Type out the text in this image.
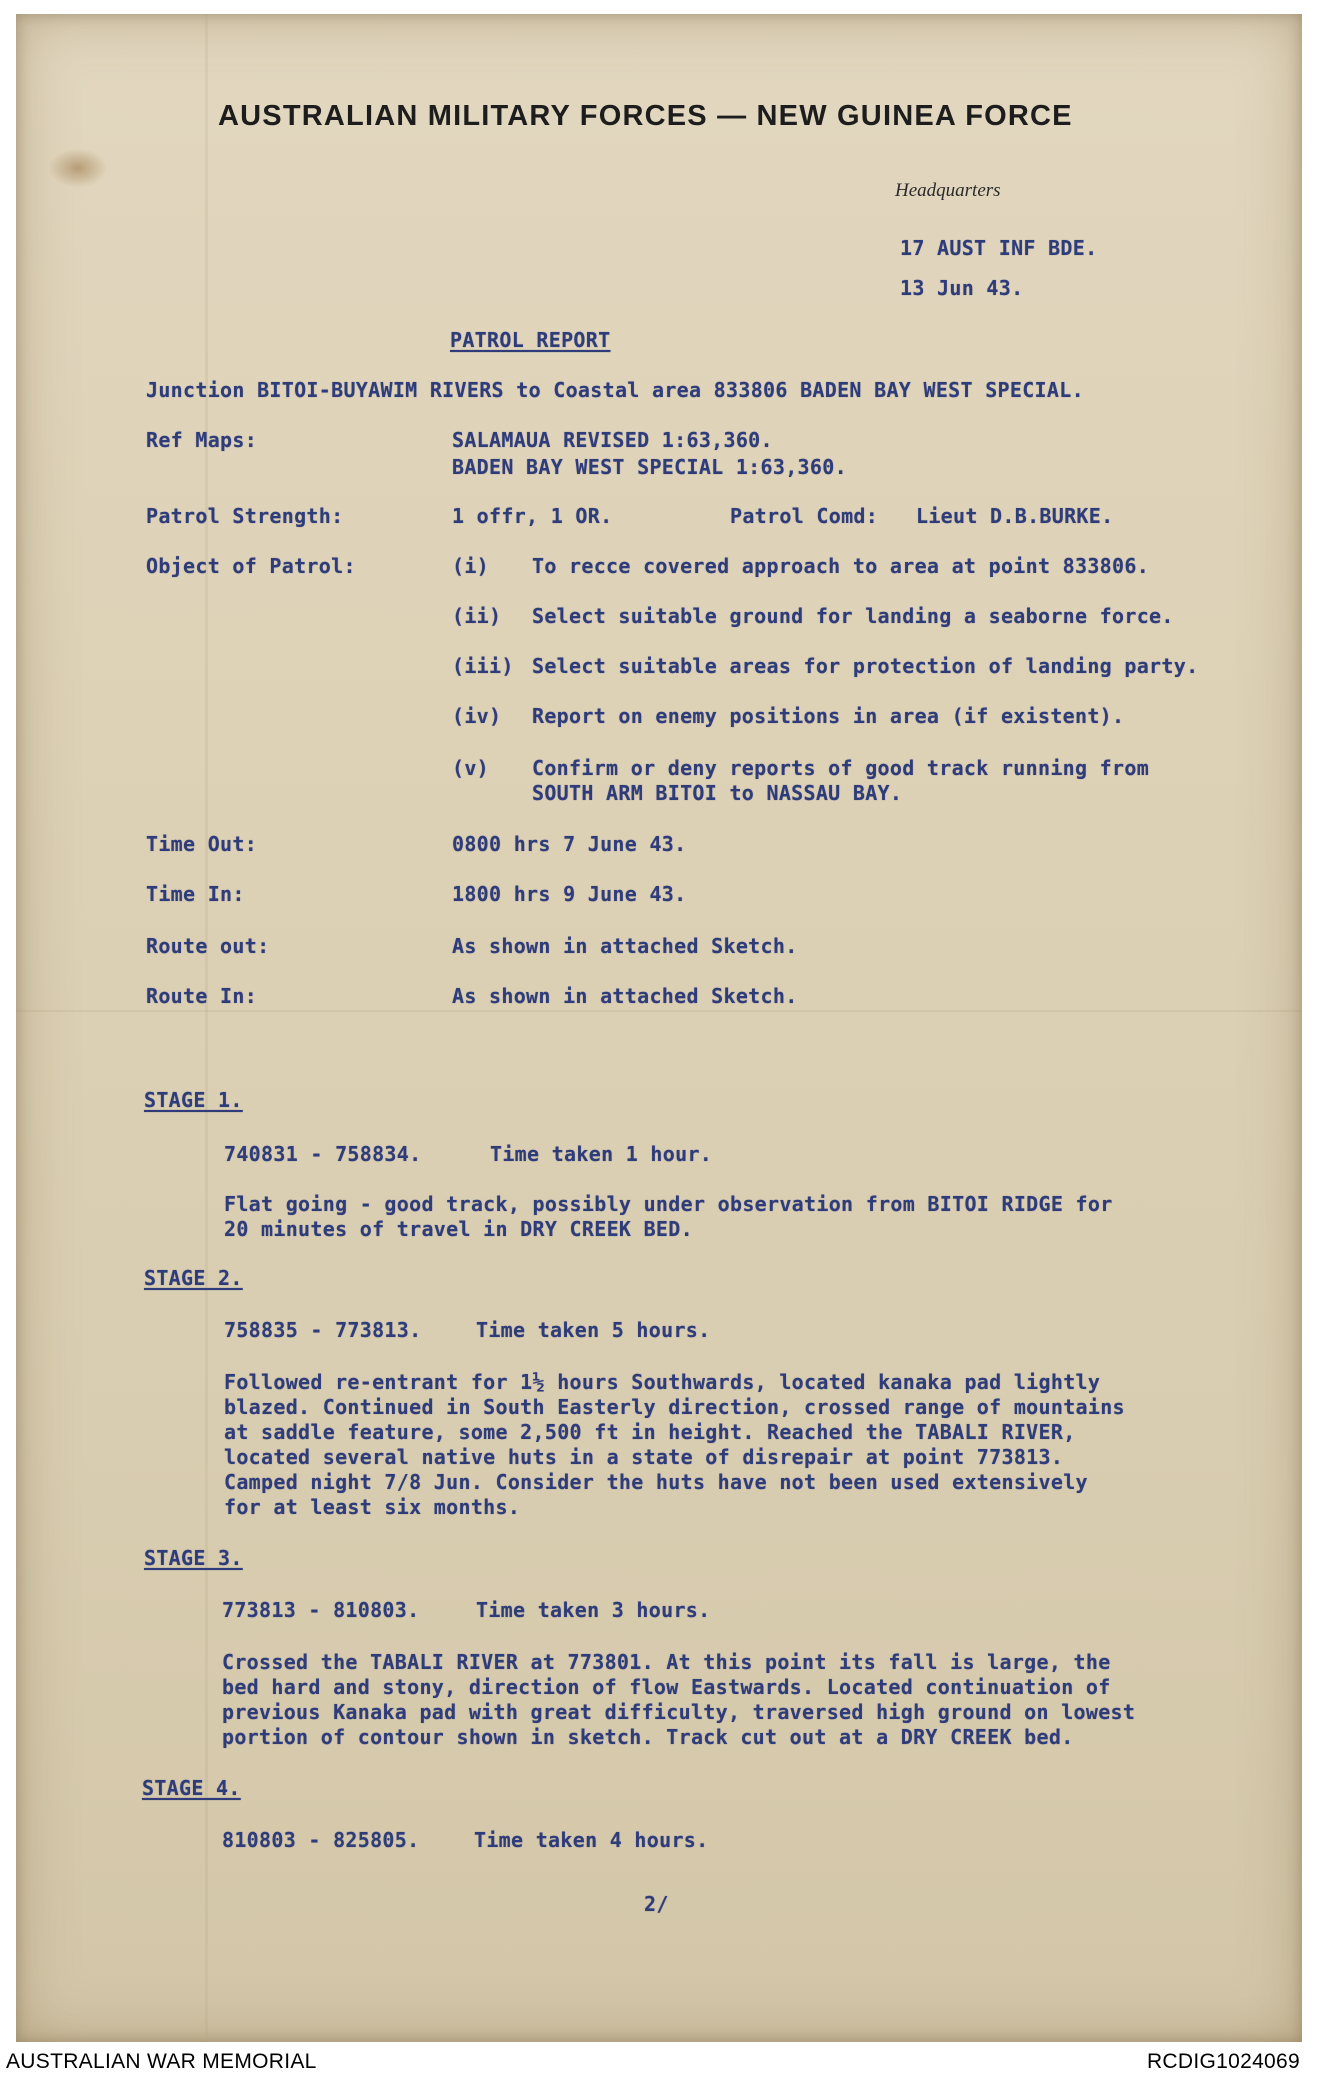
AUSTRALIAN MILITARY FORCES — NEW GUINEA FORCE
Headquarters
17 AUST INF BDE.
13 Jun 43.
PATROL REPORT
Junction BITOI-BUYAWIM RIVERS to Coastal area 833806 BADEN BAY WEST SPECIAL.
Ref Maps:	SALAMAUA REVISED 1:63,360.
BADEN BAY WEST SPECIAL 1:63,360.
Patrol Strength:	1 offr, 1 OR.	Patrol Comd: Lieut D.B.BURKE.
Object of Patrol:	(i) To recce covered approach to area at point 833806.
(ii) Select suitable ground for landing a seaborne force.
(iii) Select suitable areas for protection of landing party.
(iv) Report on enemy positions in area (if existent).
(v) Confirm or deny reports of good track running from
SOUTH ARM BITOI to NASSAU BAY.
Time Out:	0800 hrs 7 June 43.
Time In:	1800 hrs 9 June 43.
Route out:	As shown in attached Sketch.
Route In:	As shown in attached Sketch.
STAGE 1.
740831 - 758834.	Time taken 1 hour.
Flat going - good track, possibly under observation from BITOI RIDGE for
20 minutes of travel in DRY CREEK BED.
STAGE 2.
758835 - 773813.	Time taken 5 hours.
Followed re-entrant for 1½ hours Southwards, located kanaka pad lightly
blazed. Continued in South Easterly direction, crossed range of mountains
at saddle feature, some 2,500 ft in height. Reached the TABALI RIVER,
located several native huts in a state of disrepair at point 773813.
Camped night 7/8 Jun. Consider the huts have not been used extensively
for at least six months.
STAGE 3.
773813 - 810803.	Time taken 3 hours.
Crossed the TABALI RIVER at 773801. At this point its fall is large, the
bed hard and stony, direction of flow Eastwards. Located continuation of
previous Kanaka pad with great difficulty, traversed high ground on lowest
portion of contour shown in sketch. Track cut out at a DRY CREEK bed.
STAGE 4.
810803 - 825805.	Time taken 4 hours.
2/
AUSTRALIAN WAR MEMORIAL	RCDIG1024069
